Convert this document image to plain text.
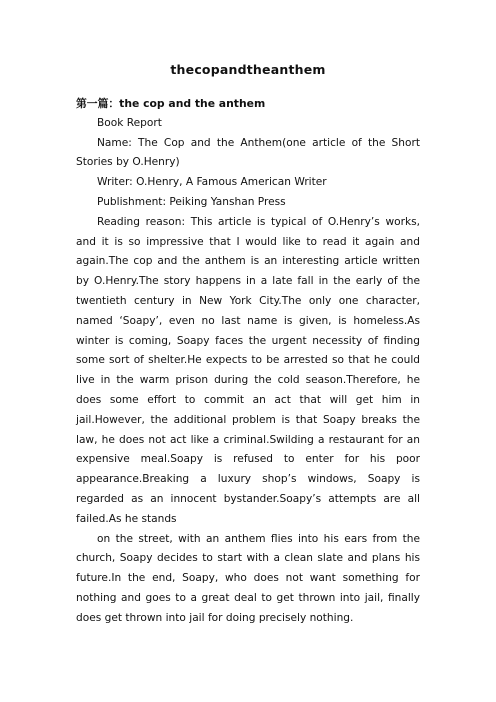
thecopandtheanthem

第一篇：the cop and the anthem

Book Report

Name: The Cop and the Anthem(one article of the Short Stories by O.Henry)

Writer: O.Henry, A Famous American Writer

Publishment: Peiking Yanshan Press

Reading reason: This article is typical of O.Henry’s works, and it is so impressive that I would like to read it again and again.The cop and the anthem is an interesting article written by O.Henry.The story happens in a late fall in the early of the twentieth century in New York City.The only one character, named ‘Soapy’, even no last name is given, is homeless.As winter is coming, Soapy faces the urgent necessity of finding some sort of shelter.He expects to be arrested so that he could live in the warm prison during the cold season.Therefore, he does some effort to commit an act that will get him in jail.However, the additional problem is that Soapy breaks the law, he does not act like a criminal.Swilding a restaurant for an expensive meal.Soapy is refused to enter for his poor appearance.Breaking a luxury shop’s windows, Soapy is regarded as an innocent bystander.Soapy’s attempts are all failed.As he stands

on the street, with an anthem flies into his ears from the church, Soapy decides to start with a clean slate and plans his future.In the end, Soapy, who does not want something for nothing and goes to a great deal to get thrown into jail, finally does get thrown into jail for doing precisely nothing.
